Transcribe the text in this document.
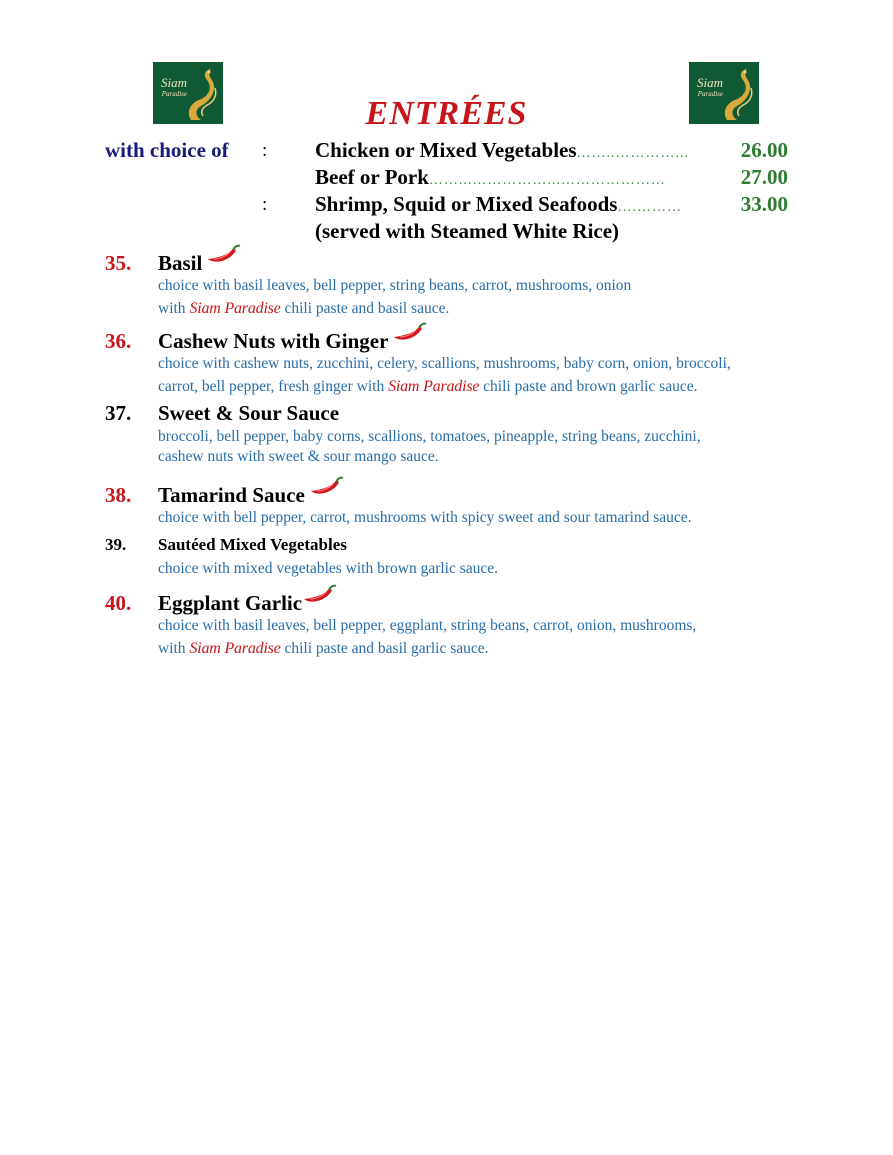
Siam
Paradise
Siam
Paradise
ENTRÉES
with choice of :
:
Chicken or Mixed Vegetables ……..…………...	26.00
Beef or Pork ……...……………...…………………	27.00
Shrimp, Squid or Mixed Seafoods ….………	33.00
(served with Steamed White Rice)
35.	Basil
choice with basil leaves, bell pepper, string beans, carrot, mushrooms, onion
with Siam Paradise chili paste and basil sauce.
36.	Cashew Nuts with Ginger
choice with cashew nuts, zucchini, celery, scallions, mushrooms, baby corn, onion, broccoli,
carrot, bell pepper, fresh ginger with Siam Paradise chili paste and brown garlic sauce.
37.	Sweet & Sour Sauce
broccoli, bell pepper, baby corns, scallions, tomatoes, pineapple, string beans, zucchini,
cashew nuts with sweet & sour mango sauce.
38.	Tamarind Sauce
choice with bell pepper, carrot, mushrooms with spicy sweet and sour tamarind sauce.
39.	Sautéed Mixed Vegetables
choice with mixed vegetables with brown garlic sauce.
40.	Eggplant Garlic
choice with basil leaves, bell pepper, eggplant, string beans, carrot, onion, mushrooms,
with Siam Paradise chili paste and basil garlic sauce.
